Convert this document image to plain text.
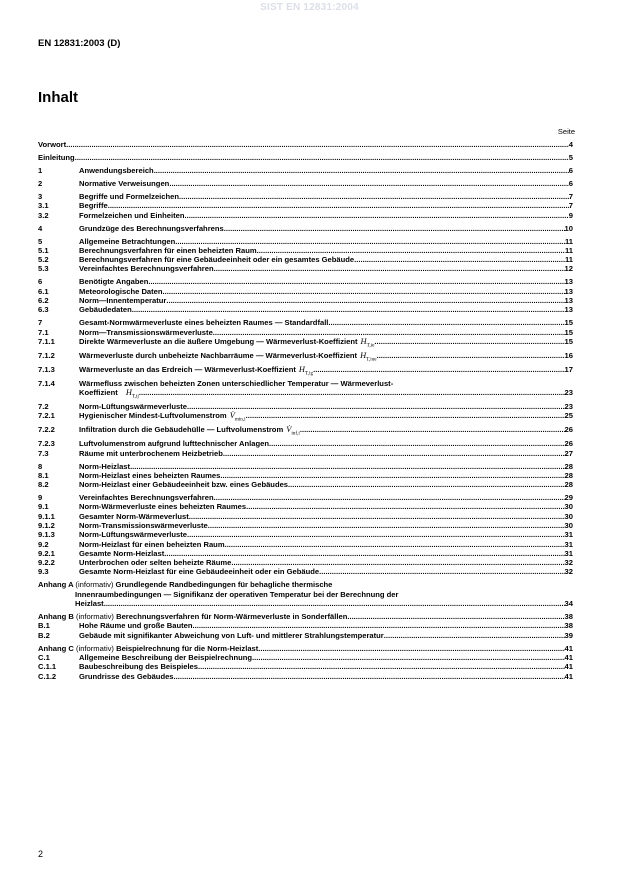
SIST EN 12831:2004
EN 12831:2003 (D)
Inhalt
Seite
Vorwort .....	4
Einleitung .....	5
1	Anwendungsbereich .....	6
2	Normative Verweisungen .....	6
3	Begriffe und Formelzeichen .....	7
3.1	Begriffe .....	7
3.2	Formelzeichen und Einheiten .....	9
4	Grundzüge des Berechnungsverfahrens .....	10
5	Allgemeine Betrachtungen .....	11
5.1	Berechnungsverfahren für einen beheizten Raum .....	11
5.2	Berechnungsverfahren für eine Gebäudeeinheit oder ein gesamtes Gebäude .....	11
5.3	Vereinfachtes Berechnungsverfahren .....	12
6	Benötigte Angaben .....	13
6.1	Meteorologische Daten .....	13
6.2	Norm—Innentemperatur .....	13
6.3	Gebäudedaten .....	13
7	Gesamt-Normwärmeverluste eines beheizten Raumes — Standardfall .....	15
7.1	Norm—Transmissionswärmeverluste .....	15
7.1.1	Direkte Wärmeverluste an die äußere Umgebung — Wärmeverlust-Koeffizient $H_{T,ie}$ .....	15
7.1.2	Wärmeverluste durch unbeheizte Nachbarräume — Wärmeverlust-Koeffizient $H_{T,iue}$ .....	16
7.1.3	Wärmeverluste an das Erdreich — Wärmeverlust-Koeffizient $H_{T,ig}$ .....	17
7.1.4	Wärmefluss zwischen beheizten Zonen unterschiedlicher Temperatur — Wärmeverlust-
Koeffizient $H_{T,ij}$ .....	23
7.2	Norm-Lüftungswärmeverluste .....	23
7.2.1	Hygienischer Mindest-Luftvolumenstrom $V̇_{min,i}$ .....	25
7.2.2	Infiltration durch die Gebäudehülle — Luftvolumenstrom $V̇_{inf,i}$ .....	26
7.2.3	Luftvolumenstrom aufgrund lufttechnischer Anlagen .....	26
7.3	Räume mit unterbrochenem Heizbetrieb .....	27
8	Norm-Heizlast .....	28
8.1	Norm-Heizlast eines beheizten Raumes .....	28
8.2	Norm-Heizlast einer Gebäudeeinheit bzw. eines Gebäudes .....	28
9	Vereinfachtes Berechnungsverfahren .....	29
9.1	Norm-Wärmeverluste eines beheizten Raumes .....	30
9.1.1	Gesamter Norm-Wärmeverlust .....	30
9.1.2	Norm-Transmissionswärmeverluste .....	30
9.1.3	Norm-Lüftungswärmeverluste .....	31
9.2	Norm-Heizlast für einen beheizten Raum .....	31
9.2.1	Gesamte Norm-Heizlast .....	31
9.2.2	Unterbrochen oder selten beheizte Räume .....	32
9.3	Gesamte Norm-Heizlast für eine Gebäudeeinheit oder ein Gebäude .....	32
Anhang A (informativ) Grundlegende Randbedingungen für behagliche thermische
Innenraumbedingungen — Signifikanz der operativen Temperatur bei der Berechnung der
Heizlast .....	34
Anhang B (informativ) Berechnungsverfahren für Norm-Wärmeverluste in Sonderfällen .....	38
B.1	Hohe Räume und große Bauten .....	38
B.2	Gebäude mit signifikanter Abweichung von Luft- und mittlerer Strahlungstemperatur .....	39
Anhang C (informativ) Beispielrechnung für die Norm-Heizlast .....	41
C.1	Allgemeine Beschreibung der Beispielrechnung .....	41
C.1.1	Baubeschreibung des Beispieles .....	41
C.1.2	Grundrisse des Gebäudes .....	41
2
